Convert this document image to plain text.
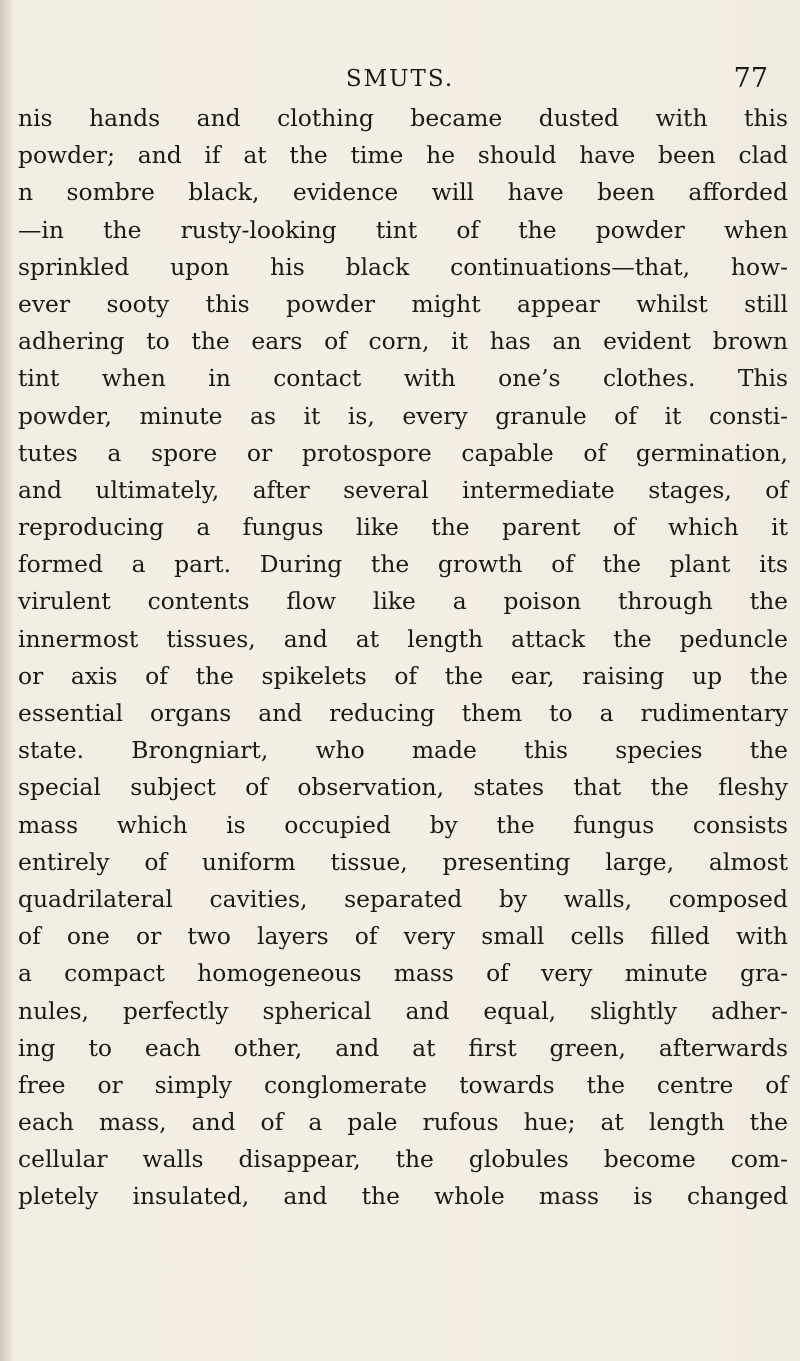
SMUTS.	77
nis hands and clothing became dusted with this
powder; and if at the time he should have been clad
n sombre black, evidence will have been afforded
—in the rusty-looking tint of the powder when
sprinkled upon his black continuations—that, how-
ever sooty this powder might appear whilst still
adhering to the ears of corn, it has an evident brown
tint when in contact with one’s clothes. This
powder, minute as it is, every granule of it consti-
tutes a spore or protospore capable of germination,
and ultimately, after several intermediate stages, of
reproducing a fungus like the parent of which it
formed a part. During the growth of the plant its
virulent contents flow like a poison through the
innermost tissues, and at length attack the peduncle
or axis of the spikelets of the ear, raising up the
essential organs and reducing them to a rudimentary
state. Brongniart, who made this species the
special subject of observation, states that the fleshy
mass which is occupied by the fungus consists
entirely of uniform tissue, presenting large, almost
quadrilateral cavities, separated by walls, composed
of one or two layers of very small cells filled with
a compact homogeneous mass of very minute gra-
nules, perfectly spherical and equal, slightly adher-
ing to each other, and at first green, afterwards
free or simply conglomerate towards the centre of
each mass, and of a pale rufous hue; at length the
cellular walls disappear, the globules become com-
pletely insulated, and the whole mass is changed
